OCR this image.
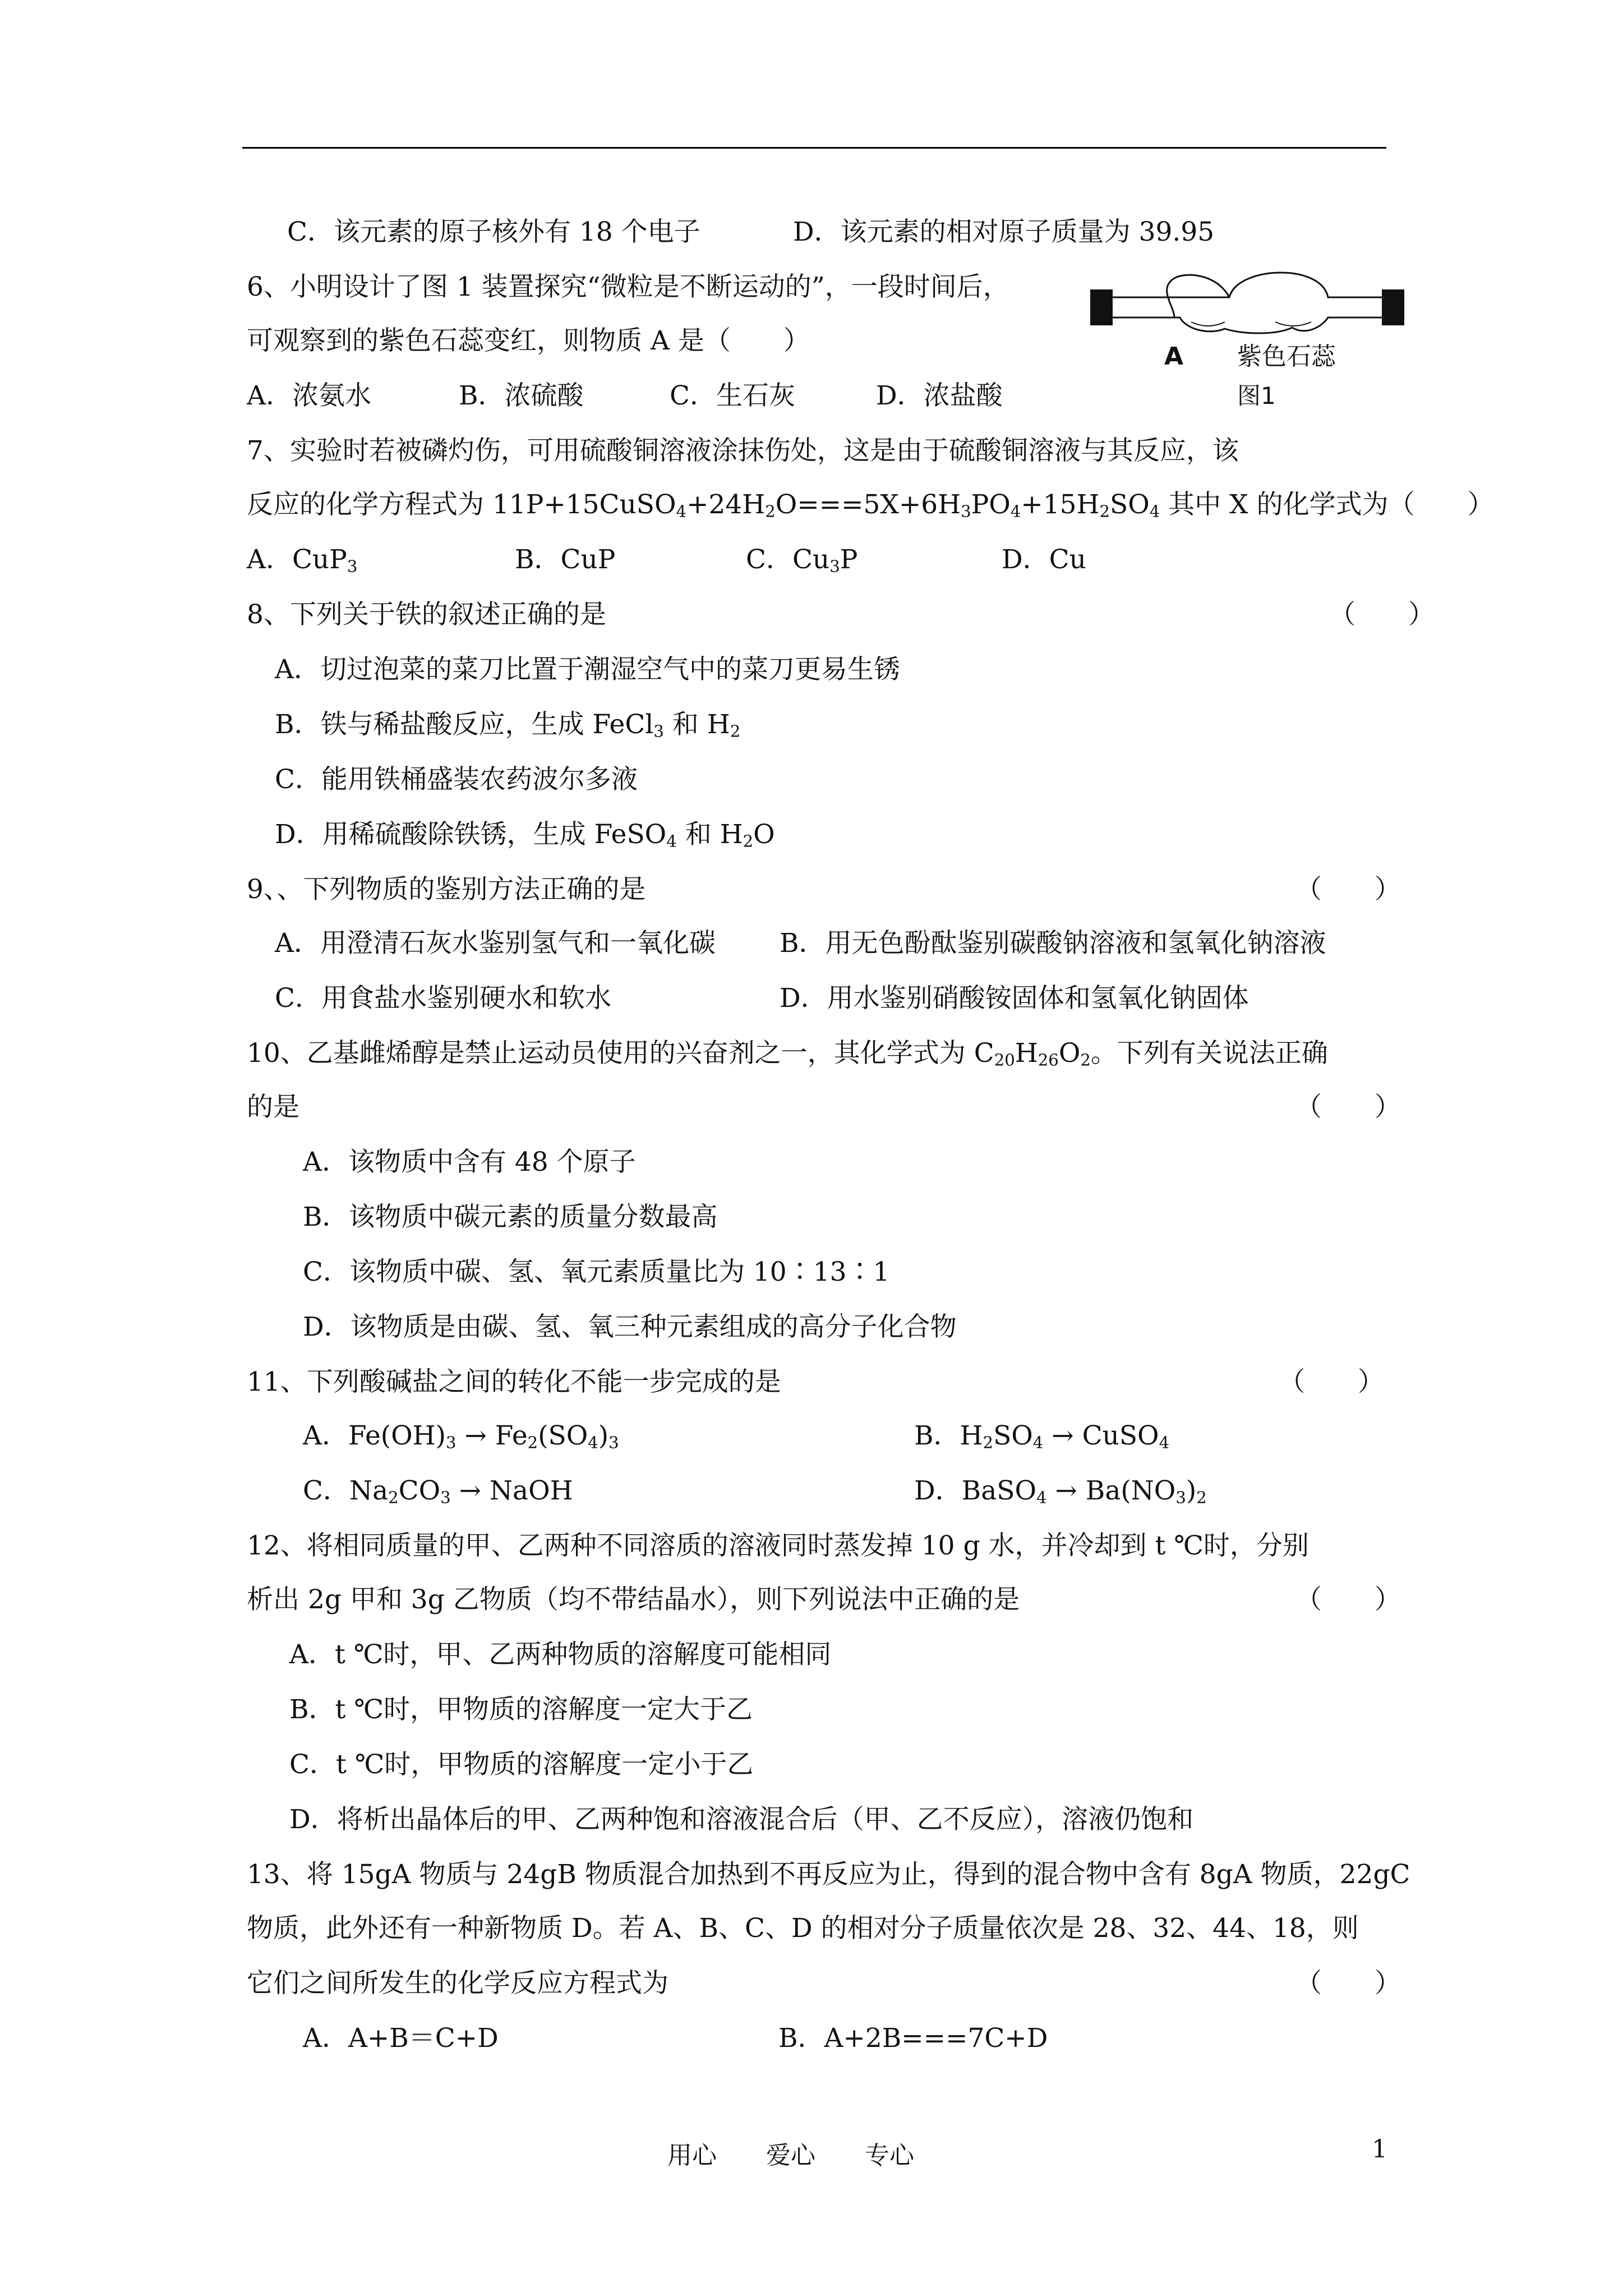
C．该元素的原子核外有 18 个电子	D．该元素的相对原子质量为 39.95
6、小明设计了图 1 装置探究“微粒是不断运动的”，一段时间后，
可观察到的紫色石蕊变红，则物质 A 是（　　）
A．浓氨水	B．浓硫酸	C．生石灰	D．浓盐酸
A 紫色石蕊
图1
7、实验时若被磷灼伤，可用硫酸铜溶液涂抹伤处，这是由于硫酸铜溶液与其反应，该
反应的化学方程式为 $11P+15CuSO_4+24H_2O===5X+6H_3PO_4+15H_2SO_4$ 其中 X 的化学式为（　　）
A．CuP$_3$	B．CuP	C．$Cu_3P$	D．Cu
8、下列关于铁的叙述正确的是	（　　）
A．切过泡菜的菜刀比置于潮湿空气中的菜刀更易生锈
B．铁与稀盐酸反应，生成 FeCl$_3$ 和 $H_2$
C．能用铁桶盛装农药波尔多液
D．用稀硫酸除铁锈，生成 FeSO$_4$ 和 $H_2O$
9、、下列物质的鉴别方法正确的是	（　　）
A．用澄清石灰水鉴别氢气和一氧化碳 B．用无色酚酞鉴别碳酸钠溶液和氢氧化钠溶液
C．用食盐水鉴别硬水和软水	D．用水鉴别硝酸铵固体和氢氧化钠固体
10、乙基雌烯醇是禁止运动员使用的兴奋剂之一，其化学式为 $C_{20}H_{26}O_2$。下列有关说法正确
的是	（　　）
A．该物质中含有 48 个原子
B．该物质中碳元素的质量分数最高
C．该物质中碳、氢、氧元素质量比为 10∶13∶1
D．该物质是由碳、氢、氧三种元素组成的高分子化合物
11、下列酸碱盐之间的转化不能一步完成的是	（　　）
A．$Fe(OH)_3 \to Fe_2(SO_4)_3$	B．$H_2SO_4$ → CuSO$_4$
C．$Na_2CO_3$ → NaOH	D．BaSO$_4$ → $Ba(NO_3)_2$
12、将相同质量的甲、乙两种不同溶质的溶液同时蒸发掉 10 g 水，并冷却到 t ℃时，分别
析出 2g 甲和 3g 乙物质（均不带结晶水），则下列说法中正确的是	（　　）
A．t ℃时，甲、乙两种物质的溶解度可能相同
B．t ℃时，甲物质的溶解度一定大于乙
C．t ℃时，甲物质的溶解度一定小于乙
D．将析出晶体后的甲、乙两种饱和溶液混合后（甲、乙不反应），溶液仍饱和
13、将 15gA 物质与 24gB 物质混合加热到不再反应为止，得到的混合物中含有 8gA 物质，22gC
物质，此外还有一种新物质 D。若 A、B、C、D 的相对分子质量依次是 28、32、44、18，则
它们之间所发生的化学反应方程式为	（　　）
A．A+B＝C+D	B．A+2B===7C+D
用心　　爱心　　专心	1
